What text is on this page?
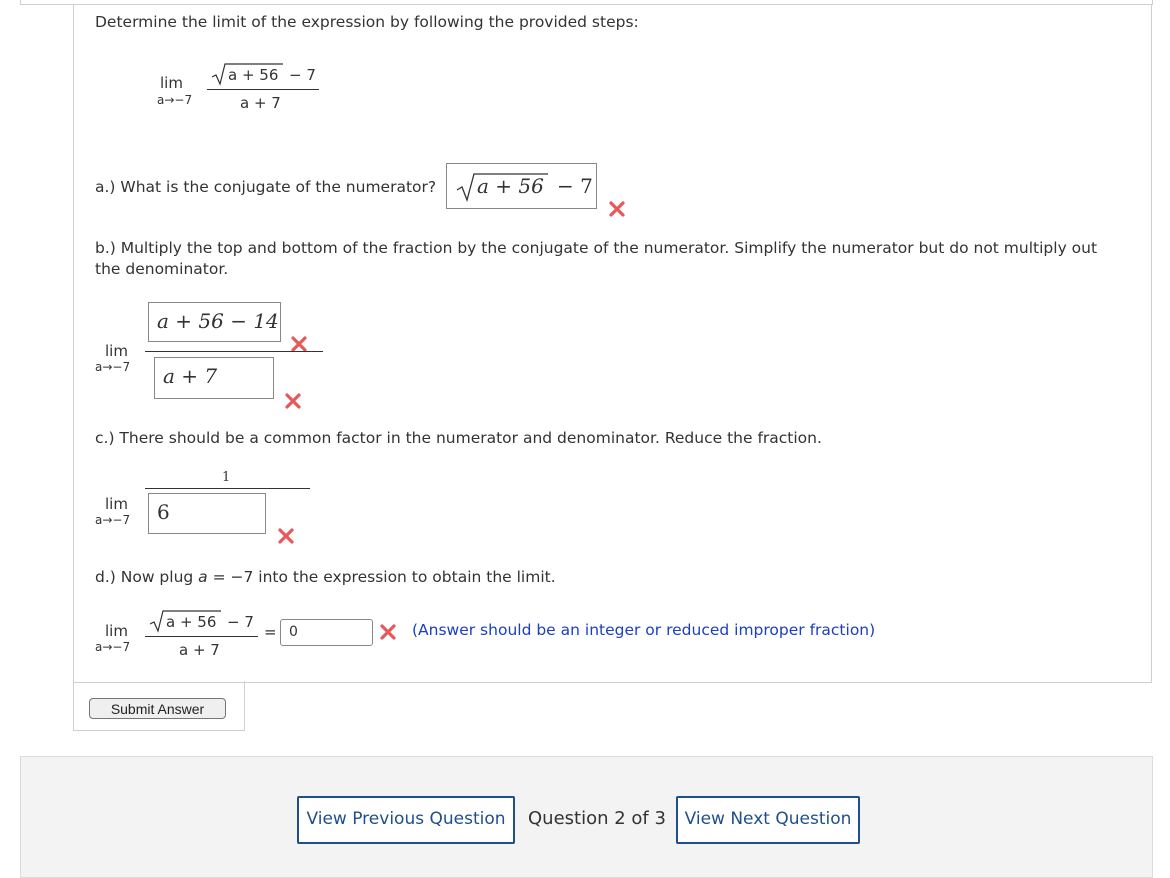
Determine the limit of the expression by following the provided steps:
lim
a→−7
a + 56 − 7
a + 7
a.) What is the conjugate of the numerator? a + 56 − 7
b.) Multiply the top and bottom of the fraction by the conjugate of the numerator. Simplify the numerator but do not multiply out the denominator.
lim
a→−7
a + 56 − 14
a + 7
c.) There should be a common factor in the numerator and denominator. Reduce the fraction.
1
lim
a→−7	6
d.) Now plug a = −7 into the expression to obtain the limit.
lim
a→−7
a + 56 − 7
a + 7
= 0	(Answer should be an integer or reduced improper fraction)
Submit Answer
View Previous Question	Question 2 of 3	View Next Question
